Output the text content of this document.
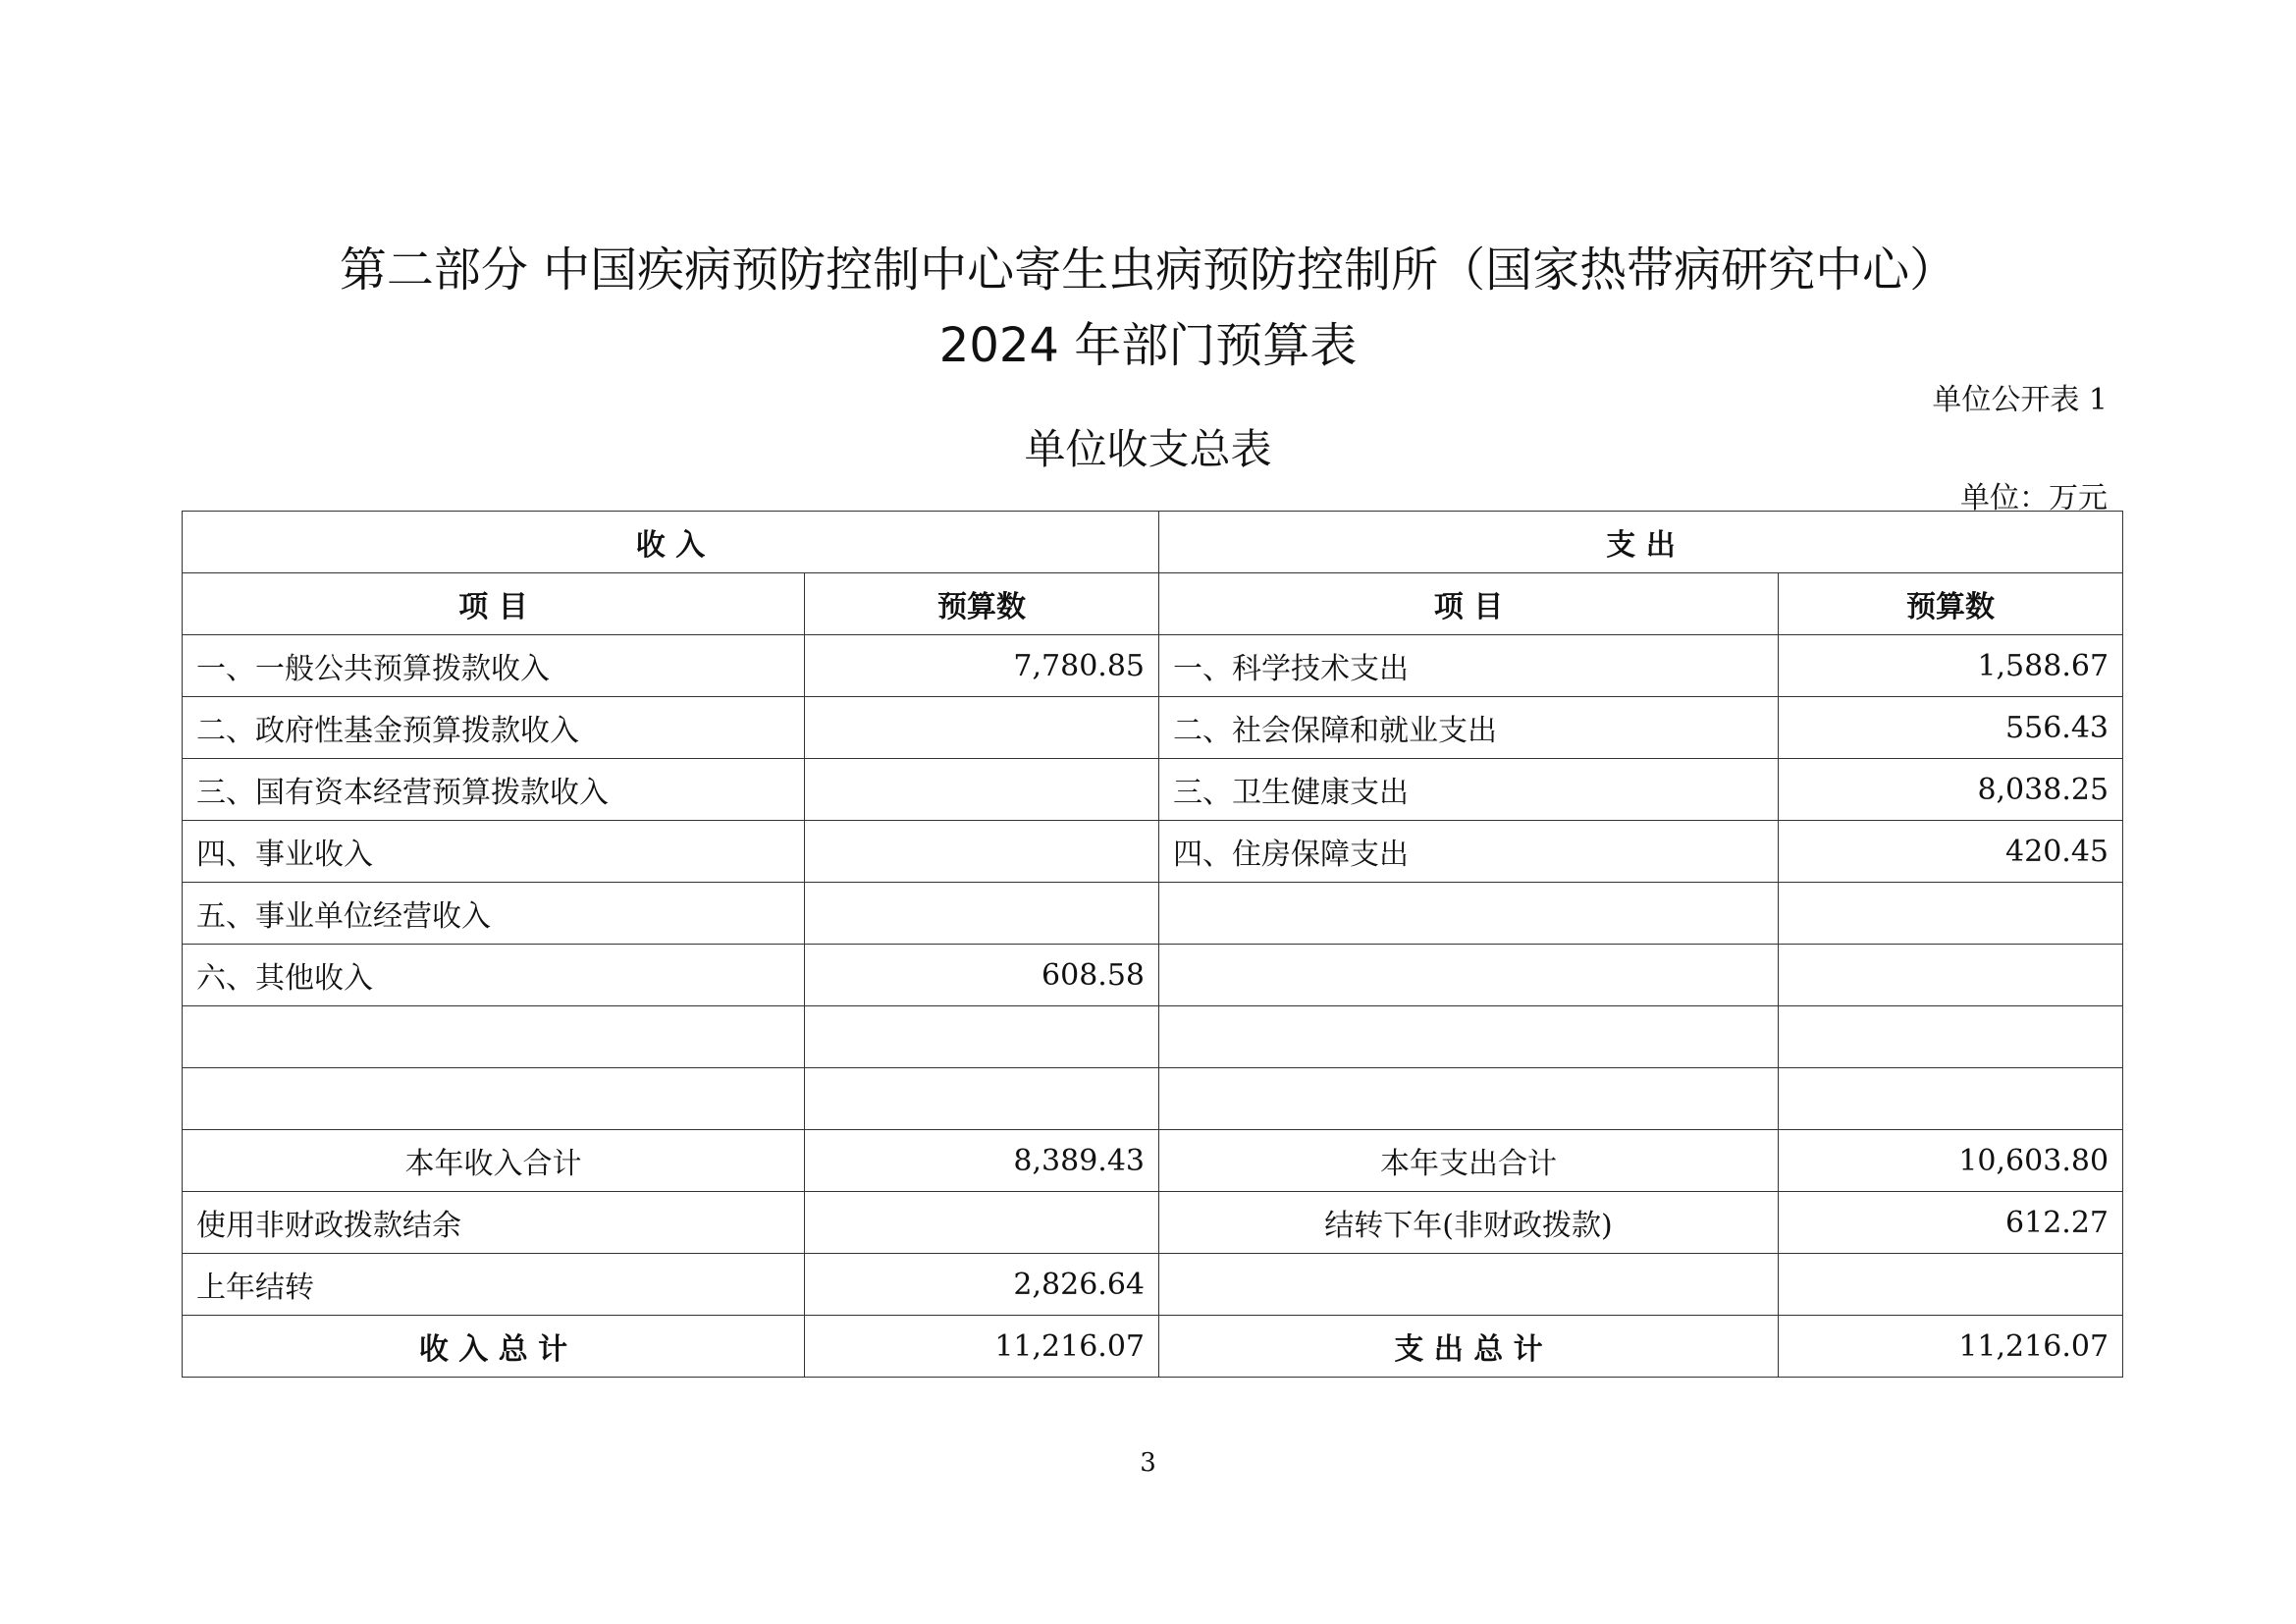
第二部分 中国疾病预防控制中心寄生虫病预防控制所（国家热带病研究中心）
2024 年部门预算表
单位公开表 1
单位收支总表
单位：万元
收 入		支 出	
项 目	预算数	项 目	预算数
一、一般公共预算拨款收入	7,780.85	一、科学技术支出	1,588.67
二、政府性基金预算拨款收入		二、社会保障和就业支出	556.43
三、国有资本经营预算拨款收入		三、卫生健康支出	8,038.25
四、事业收入		四、住房保障支出	420.45
五、事业单位经营收入			
六、其他收入	608.58		

本年收入合计	8,389.43	本年支出合计	10,603.80
使用非财政拨款结余		结转下年(非财政拨款)	612.27
上年结转	2,826.64		
收 入 总 计	11,216.07	支 出 总 计	11,216.07
3
